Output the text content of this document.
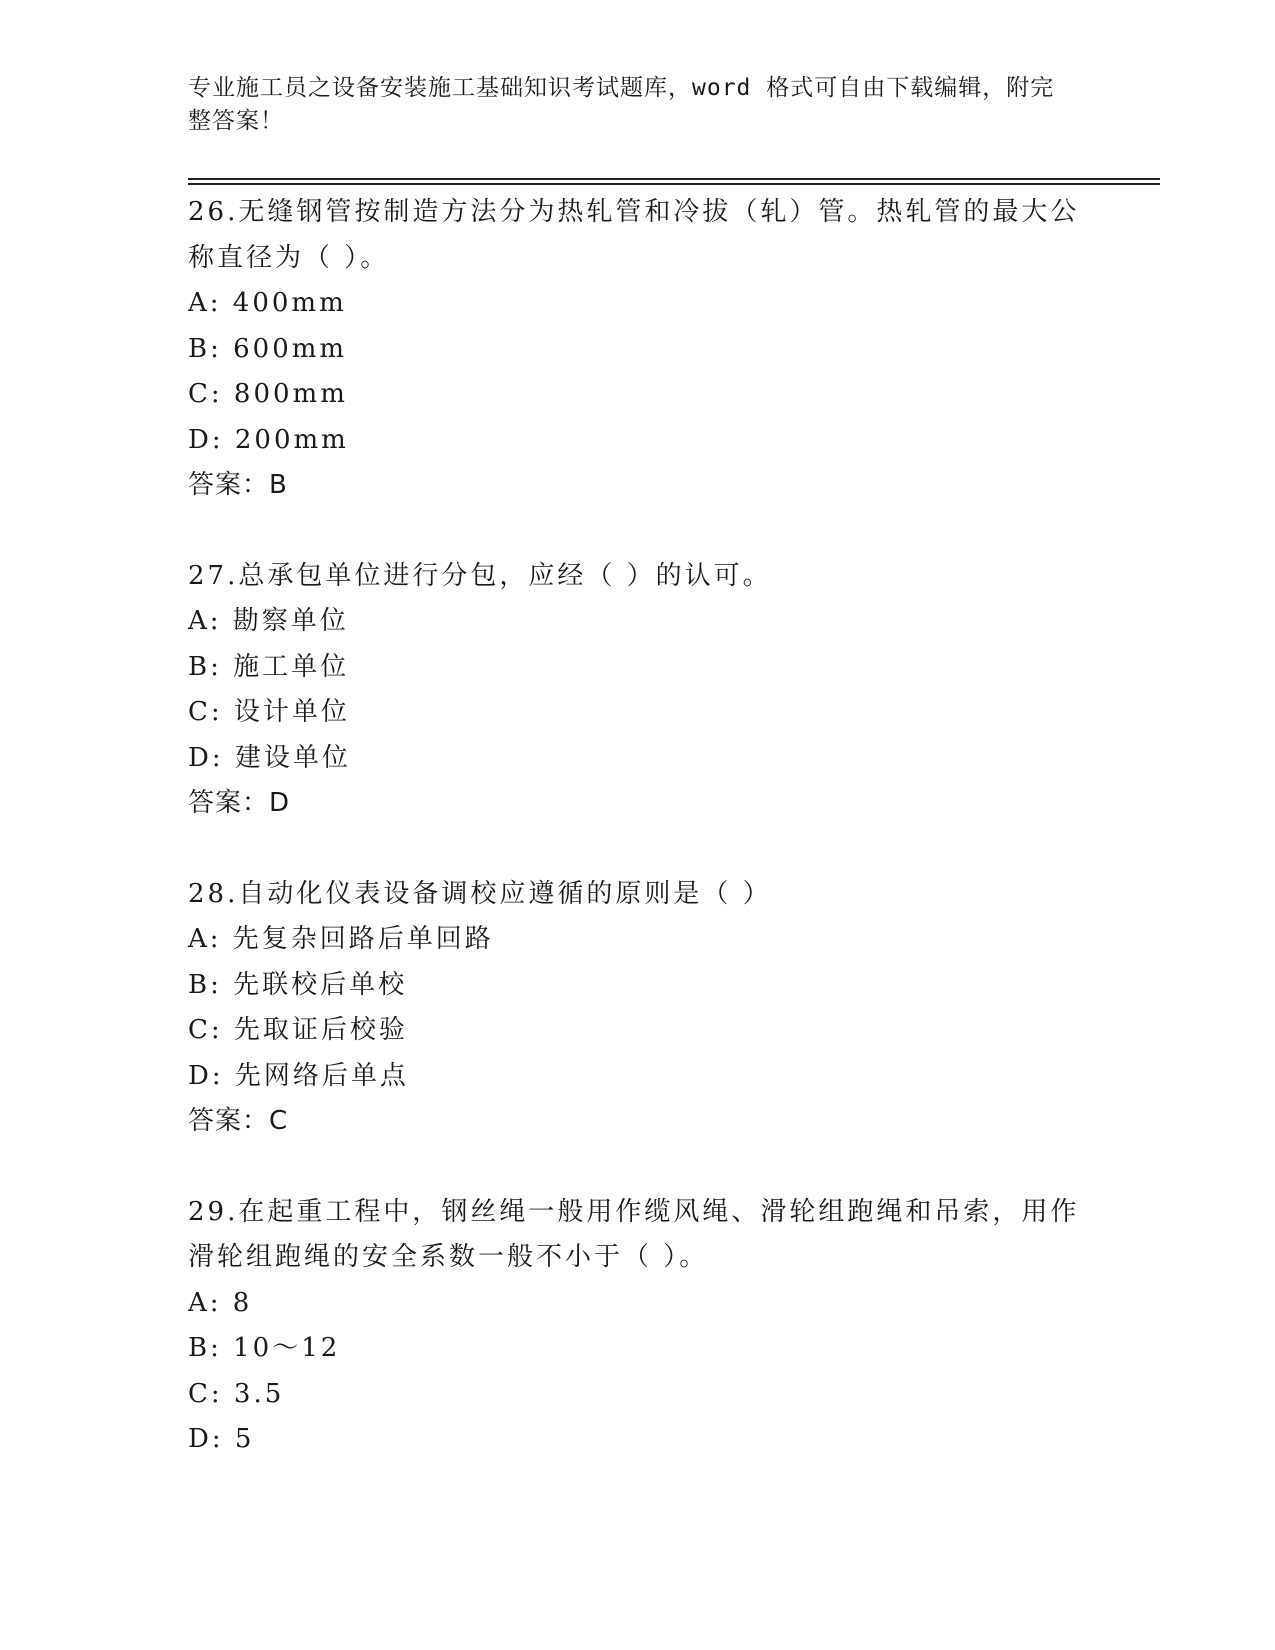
专业施工员之设备安装施工基础知识考试题库，word 格式可自由下载编辑，附完
整答案！
26.无缝钢管按制造方法分为热轧管和冷拔（轧）管。热轧管的最大公
称直径为（ ）。
A: 400mm
B: 600mm
C: 800mm
D: 200mm
答案：B
27.总承包单位进行分包，应经（ ）的认可。
A: 勘察单位
B: 施工单位
C: 设计单位
D: 建设单位
答案：D
28.自动化仪表设备调校应遵循的原则是（ ）
A: 先复杂回路后单回路
B: 先联校后单校
C: 先取证后校验
D: 先网络后单点
答案：C
29.在起重工程中，钢丝绳一般用作缆风绳、滑轮组跑绳和吊索，用作
滑轮组跑绳的安全系数一般不小于（ ）。
A: 8
B: 10～12
C: 3.5
D: 5
